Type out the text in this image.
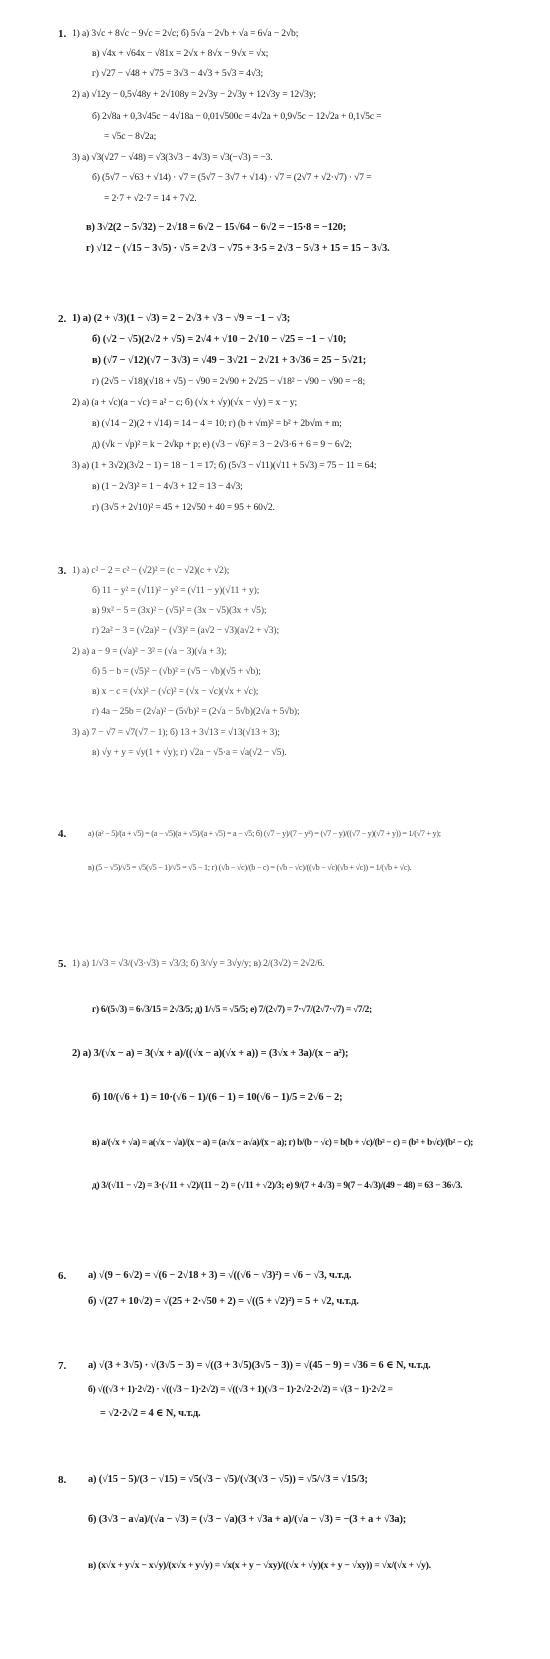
1. 1) а) 3√c + 8√c − 9√c = 2√c; б) 5√a − 2√b + √a = 6√a − 2√b;
в) √4x + √64x − √81x = 2√x + 8√x − 9√x = √x;
г) √27 − √48 + √75 = 3√3 − 4√3 + 5√3 = 4√3;
2) а) √12y − 0,5√48y + 2√108y = 2√3y − 2√3y + 12√3y = 12√3y;
б) 2√8a + 0,3√45c − 4√18a − 0,01√500c = 4√2a + 0,9√5c − 12√2a + 0,1√5c =
= √5c − 8√2a;
3) а) √3(√27 − √48) = √3(3√3 − 4√3) = √3(−√3) = −3.
б) (5√7 − √63 + √14) · √7 = (5√7 − 3√7 + √14) · √7 = (2√7 + √2·√7) · √7 =
= 2·7 + √2·7 = 14 + 7√2.
в) 3√2(2 − 5√32) − 2√18 = 6√2 − 15√64 − 6√2 = −15·8 = −120;
г) √12 − (√15 − 3√5) · √5 = 2√3 − √75 + 3·5 = 2√3 − 5√3 + 15 = 15 − 3√3.
2. 1) а) (2 + √3)(1 − √3) = 2 − 2√3 + √3 − √9 = −1 − √3;
б) (√2 − √5)(2√2 + √5) = 2√4 + √10 − 2√10 − √25 = −1 − √10;
в) (√7 − √12)(√7 − 3√3) = √49 − 3√21 − 2√21 + 3√36 = 25 − 5√21;
г) (2√5 − √18)(√18 + √5) − √90 = 2√90 + 2√25 − √18² − √90 − √90 = −8;
2) а) (a + √c)(a − √c) = a² − c; б) (√x + √y)(√x − √y) = x − y;
в) (√14 − 2)(2 + √14) = 14 − 4 = 10; г) (b + √m)² = b² + 2b√m + m;
д) (√k − √p)² = k − 2√kp + p; е) (√3 − √6)² = 3 − 2√3·6 + 6 = 9 − 6√2;
3) а) (1 + 3√2)(3√2 − 1) = 18 − 1 = 17; б) (5√3 − √11)(√11 + 5√3) = 75 − 11 = 64;
в) (1 − 2√3)² = 1 − 4√3 + 12 = 13 − 4√3;
г) (3√5 + 2√10)² = 45 + 12√50 + 40 = 95 + 60√2.
3. 1) а) c² − 2 = c² − (√2)² = (c − √2)(c + √2);
б) 11 − y² = (√11)² − y² = (√11 − y)(√11 + y);
в) 9x² − 5 = (3x)² − (√5)² = (3x − √5)(3x + √5);
г) 2a² − 3 = (√2a)² − (√3)² = (a√2 − √3)(a√2 + √3);
2) а) a − 9 = (√a)² − 3² = (√a − 3)(√a + 3);
б) 5 − b = (√5)² − (√b)² = (√5 − √b)(√5 + √b);
в) x − c = (√x)² − (√c)² = (√x − √c)(√x + √c);
г) 4a − 25b = (2√a)² − (5√b)² = (2√a − 5√b)(2√a + 5√b);
3) а) 7 − √7 = √7(√7 − 1); б) 13 + 3√13 = √13(√13 + 3);
в) √y + y = √y(1 + √y); г) √2a − √5·a = √a(√2 − √5).
4.	а) (a² − 5)/(a + √5) = (a − √5)(a + √5)/(a + √5) = a − √5; б) (√7 − y)/(7 − y²) = (√7 − y)/((√7 − y)(√7 + y)) = 1/(√7 + y);
в) (5 − √5)/√5 = √5(√5 − 1)/√5 = √5 − 1; г) (√b − √c)/(b − c) = (√b − √c)/((√b − √c)(√b + √c)) = 1/(√b + √c).
5. 1) а) 1/√3 = √3/(√3·√3) = √3/3; б) 3/√y = 3√y/y; в) 2/(3√2) = 2√2/6.
г) 6/(5√3) = 6√3/15 = 2√3/5; д) 1/√5 = √5/5; е) 7/(2√7) = 7·√7/(2√7·√7) = √7/2;
2) а) 3/(√x − a) = 3(√x + a)/((√x − a)(√x + a)) = (3√x + 3a)/(x − a²);
б) 10/(√6 + 1) = 10·(√6 − 1)/(6 − 1) = 10(√6 − 1)/5 = 2√6 − 2;
в) a/(√x + √a) = a(√x − √a)/(x − a) = (a√x − a√a)/(x − a); г) b/(b − √c) = b(b + √c)/(b² − c) = (b² + b√c)/(b² − c);
д) 3/(√11 − √2) = 3·(√11 + √2)/(11 − 2) = (√11 + √2)/3; е) 9/(7 + 4√3) = 9(7 − 4√3)/(49 − 48) = 63 − 36√3.
6. а) √(9 − 6√2) = √(6 − 2√18 + 3) = √((√6 − √3)²) = √6 − √3, ч.т.д.
б) √(27 + 10√2) = √(25 + 2·√50 + 2) = √((5 + √2)²) = 5 + √2, ч.т.д.
7. а) √(3 + 3√5) · √(3√5 − 3) = √((3 + 3√5)(3√5 − 3)) = √(45 − 9) = √36 = 6 ∈ N, ч.т.д.
б) √((√3 + 1)·2√2) · √((√3 − 1)·2√2) = √((√3 + 1)(√3 − 1)·2√2·2√2) = √(3 − 1)·2√2 =
= √2·2√2 = 4 ∈ N, ч.т.д.
8. а) (√15 − 5)/(3 − √15) = √5(√3 − √5)/(√3(√3 − √5)) = √5/√3 = √15/3;
б) (3√3 − a√a)/(√a − √3) = (√3 − √a)(3 + √3a + a)/(√a − √3) = −(3 + a + √3a);
в) (x√x + y√x − x√y)/(x√x + y√y) = √x(x + y − √xy)/((√x + √y)(x + y − √xy)) = √x/(√x + √y).
